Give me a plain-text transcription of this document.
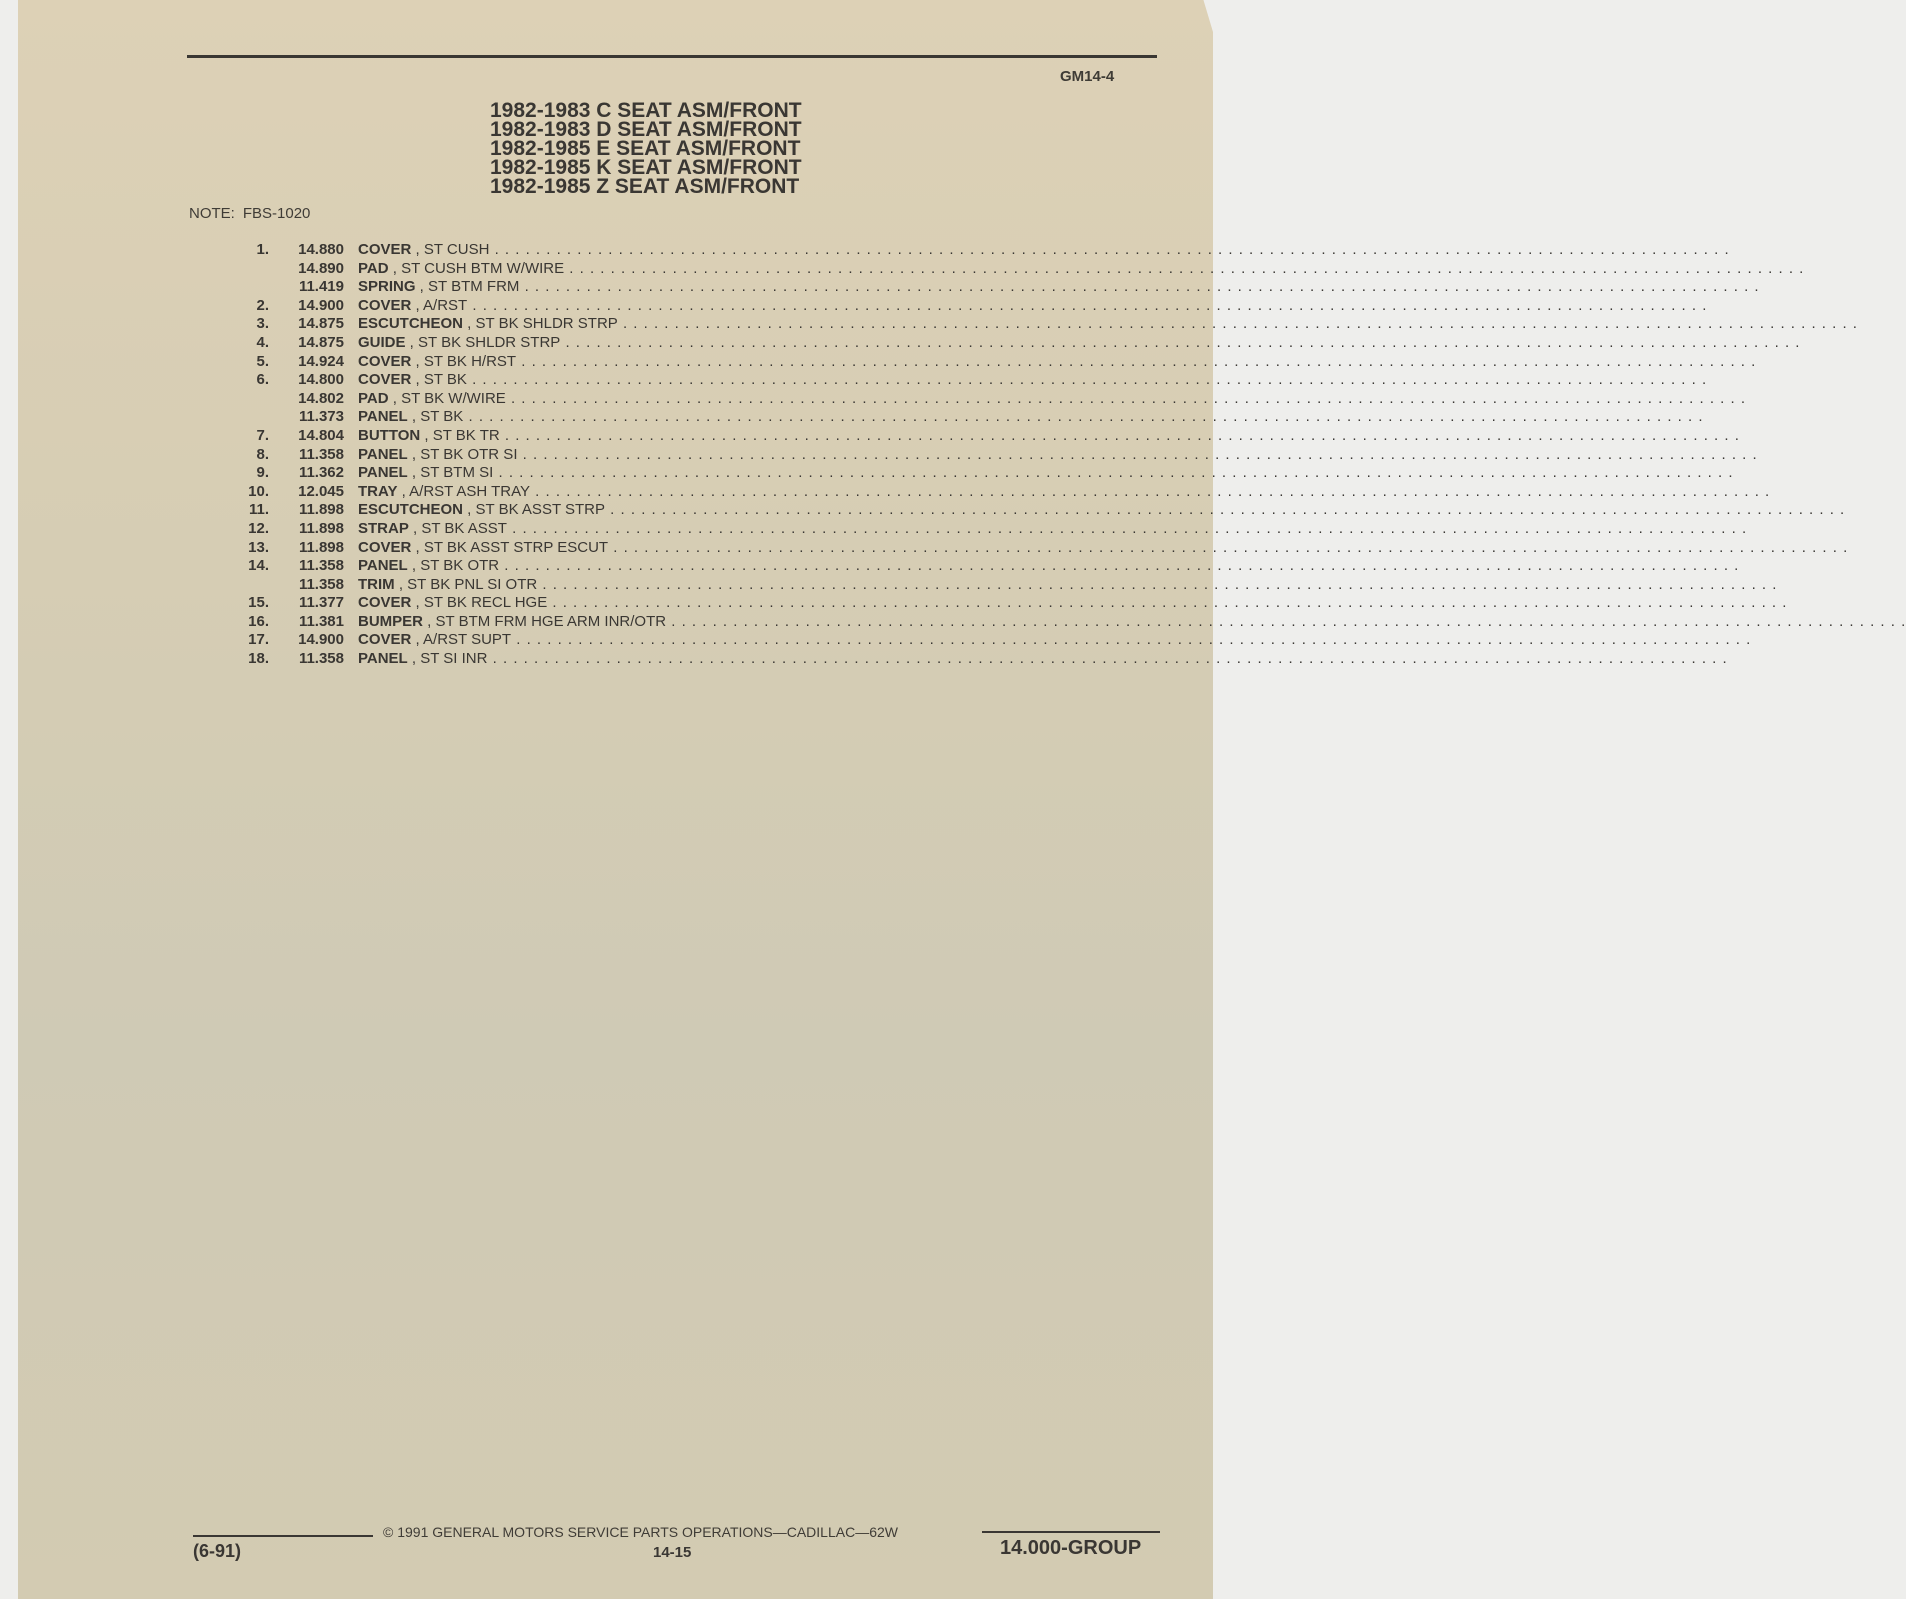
GM14-4
1982-1983 C SEAT ASM/FRONT
1982-1983 D SEAT ASM/FRONT
1982-1985 E SEAT ASM/FRONT
1982-1985 K SEAT ASM/FRONT
1982-1985 Z SEAT ASM/FRONT
NOTE: FBS-1020
1.	14.880 COVER , ST CUSH . . . . . . . . . . . . . . . . . . . . . . . . . . . . . . . . . . . . . . . . . . . . . . . . . . . . . . . . . . . . . . . . . . . . . . . . . . . . . . . . . . . . . . . . . . . . . . . . . . . . . . . . . . . . . . . . . . . . . . . .
14.890 PAD , ST CUSH BTM W/WIRE . . . . . . . . . . . . . . . . . . . . . . . . . . . . . . . . . . . . . . . . . . . . . . . . . . . . . . . . . . . . . . . . . . . . . . . . . . . . . . . . . . . . . . . . . . . . . . . . . . . . . . . . . . . . . . . . . . . . . . . .
11.419 SPRING , ST BTM FRM . . . . . . . . . . . . . . . . . . . . . . . . . . . . . . . . . . . . . . . . . . . . . . . . . . . . . . . . . . . . . . . . . . . . . . . . . . . . . . . . . . . . . . . . . . . . . . . . . . . . . . . . . . . . . . . . . . . . . . . .
2.	14.900 COVER , A/RST . . . . . . . . . . . . . . . . . . . . . . . . . . . . . . . . . . . . . . . . . . . . . . . . . . . . . . . . . . . . . . . . . . . . . . . . . . . . . . . . . . . . . . . . . . . . . . . . . . . . . . . . . . . . . . . . . . . . . . . .
3.	14.875 ESCUTCHEON , ST BK SHLDR STRP . . . . . . . . . . . . . . . . . . . . . . . . . . . . . . . . . . . . . . . . . . . . . . . . . . . . . . . . . . . . . . . . . . . . . . . . . . . . . . . . . . . . . . . . . . . . . . . . . . . . . . . . . . . . . . . . . . . . . . . .
4.	14.875 GUIDE , ST BK SHLDR STRP . . . . . . . . . . . . . . . . . . . . . . . . . . . . . . . . . . . . . . . . . . . . . . . . . . . . . . . . . . . . . . . . . . . . . . . . . . . . . . . . . . . . . . . . . . . . . . . . . . . . . . . . . . . . . . . . . . . . . . . .
5.	14.924 COVER , ST BK H/RST . . . . . . . . . . . . . . . . . . . . . . . . . . . . . . . . . . . . . . . . . . . . . . . . . . . . . . . . . . . . . . . . . . . . . . . . . . . . . . . . . . . . . . . . . . . . . . . . . . . . . . . . . . . . . . . . . . . . . . . .
6.	14.800 COVER , ST BK . . . . . . . . . . . . . . . . . . . . . . . . . . . . . . . . . . . . . . . . . . . . . . . . . . . . . . . . . . . . . . . . . . . . . . . . . . . . . . . . . . . . . . . . . . . . . . . . . . . . . . . . . . . . . . . . . . . . . . . .
14.802 PAD , ST BK W/WIRE . . . . . . . . . . . . . . . . . . . . . . . . . . . . . . . . . . . . . . . . . . . . . . . . . . . . . . . . . . . . . . . . . . . . . . . . . . . . . . . . . . . . . . . . . . . . . . . . . . . . . . . . . . . . . . . . . . . . . . . .
11.373 PANEL , ST BK . . . . . . . . . . . . . . . . . . . . . . . . . . . . . . . . . . . . . . . . . . . . . . . . . . . . . . . . . . . . . . . . . . . . . . . . . . . . . . . . . . . . . . . . . . . . . . . . . . . . . . . . . . . . . . . . . . . . . . . .
7.	14.804 BUTTON , ST BK TR . . . . . . . . . . . . . . . . . . . . . . . . . . . . . . . . . . . . . . . . . . . . . . . . . . . . . . . . . . . . . . . . . . . . . . . . . . . . . . . . . . . . . . . . . . . . . . . . . . . . . . . . . . . . . . . . . . . . . . . .
8.	11.358 PANEL , ST BK OTR SI . . . . . . . . . . . . . . . . . . . . . . . . . . . . . . . . . . . . . . . . . . . . . . . . . . . . . . . . . . . . . . . . . . . . . . . . . . . . . . . . . . . . . . . . . . . . . . . . . . . . . . . . . . . . . . . . . . . . . . . .
9.	11.362 PANEL , ST BTM SI . . . . . . . . . . . . . . . . . . . . . . . . . . . . . . . . . . . . . . . . . . . . . . . . . . . . . . . . . . . . . . . . . . . . . . . . . . . . . . . . . . . . . . . . . . . . . . . . . . . . . . . . . . . . . . . . . . . . . . . .
10.	12.045 TRAY , A/RST ASH TRAY . . . . . . . . . . . . . . . . . . . . . . . . . . . . . . . . . . . . . . . . . . . . . . . . . . . . . . . . . . . . . . . . . . . . . . . . . . . . . . . . . . . . . . . . . . . . . . . . . . . . . . . . . . . . . . . . . . . . . . . .
11.	11.898 ESCUTCHEON , ST BK ASST STRP . . . . . . . . . . . . . . . . . . . . . . . . . . . . . . . . . . . . . . . . . . . . . . . . . . . . . . . . . . . . . . . . . . . . . . . . . . . . . . . . . . . . . . . . . . . . . . . . . . . . . . . . . . . . . . . . . . . . . . . .
12.	11.898 STRAP , ST BK ASST . . . . . . . . . . . . . . . . . . . . . . . . . . . . . . . . . . . . . . . . . . . . . . . . . . . . . . . . . . . . . . . . . . . . . . . . . . . . . . . . . . . . . . . . . . . . . . . . . . . . . . . . . . . . . . . . . . . . . . . .
13.	11.898 COVER , ST BK ASST STRP ESCUT . . . . . . . . . . . . . . . . . . . . . . . . . . . . . . . . . . . . . . . . . . . . . . . . . . . . . . . . . . . . . . . . . . . . . . . . . . . . . . . . . . . . . . . . . . . . . . . . . . . . . . . . . . . . . . . . . . . . . . . .
14.	11.358 PANEL , ST BK OTR . . . . . . . . . . . . . . . . . . . . . . . . . . . . . . . . . . . . . . . . . . . . . . . . . . . . . . . . . . . . . . . . . . . . . . . . . . . . . . . . . . . . . . . . . . . . . . . . . . . . . . . . . . . . . . . . . . . . . . . .
11.358 TRIM , ST BK PNL SI OTR . . . . . . . . . . . . . . . . . . . . . . . . . . . . . . . . . . . . . . . . . . . . . . . . . . . . . . . . . . . . . . . . . . . . . . . . . . . . . . . . . . . . . . . . . . . . . . . . . . . . . . . . . . . . . . . . . . . . . . . .
15.	11.377 COVER , ST BK RECL HGE . . . . . . . . . . . . . . . . . . . . . . . . . . . . . . . . . . . . . . . . . . . . . . . . . . . . . . . . . . . . . . . . . . . . . . . . . . . . . . . . . . . . . . . . . . . . . . . . . . . . . . . . . . . . . . . . . . . . . . . .
16.	11.381 BUMPER , ST BTM FRM HGE ARM INR/OTR . . . . . . . . . . . . . . . . . . . . . . . . . . . . . . . . . . . . . . . . . . . . . . . . . . . . . . . . . . . . . . . . . . . . . . . . . . . . . . . . . . . . . . . . . . . . . . . . . . . . . . . . . . . . . . . . . . . . . . . .
17.	14.900 COVER , A/RST SUPT . . . . . . . . . . . . . . . . . . . . . . . . . . . . . . . . . . . . . . . . . . . . . . . . . . . . . . . . . . . . . . . . . . . . . . . . . . . . . . . . . . . . . . . . . . . . . . . . . . . . . . . . . . . . . . . . . . . . . . . .
18.	11.358 PANEL , ST SI INR . . . . . . . . . . . . . . . . . . . . . . . . . . . . . . . . . . . . . . . . . . . . . . . . . . . . . . . . . . . . . . . . . . . . . . . . . . . . . . . . . . . . . . . . . . . . . . . . . . . . . . . . . . . . . . . . . . . . . . . .
© 1991 GENERAL MOTORS SERVICE PARTS OPERATIONS—CADILLAC—62W
(6-91)	14-15	14.000-GROUP
